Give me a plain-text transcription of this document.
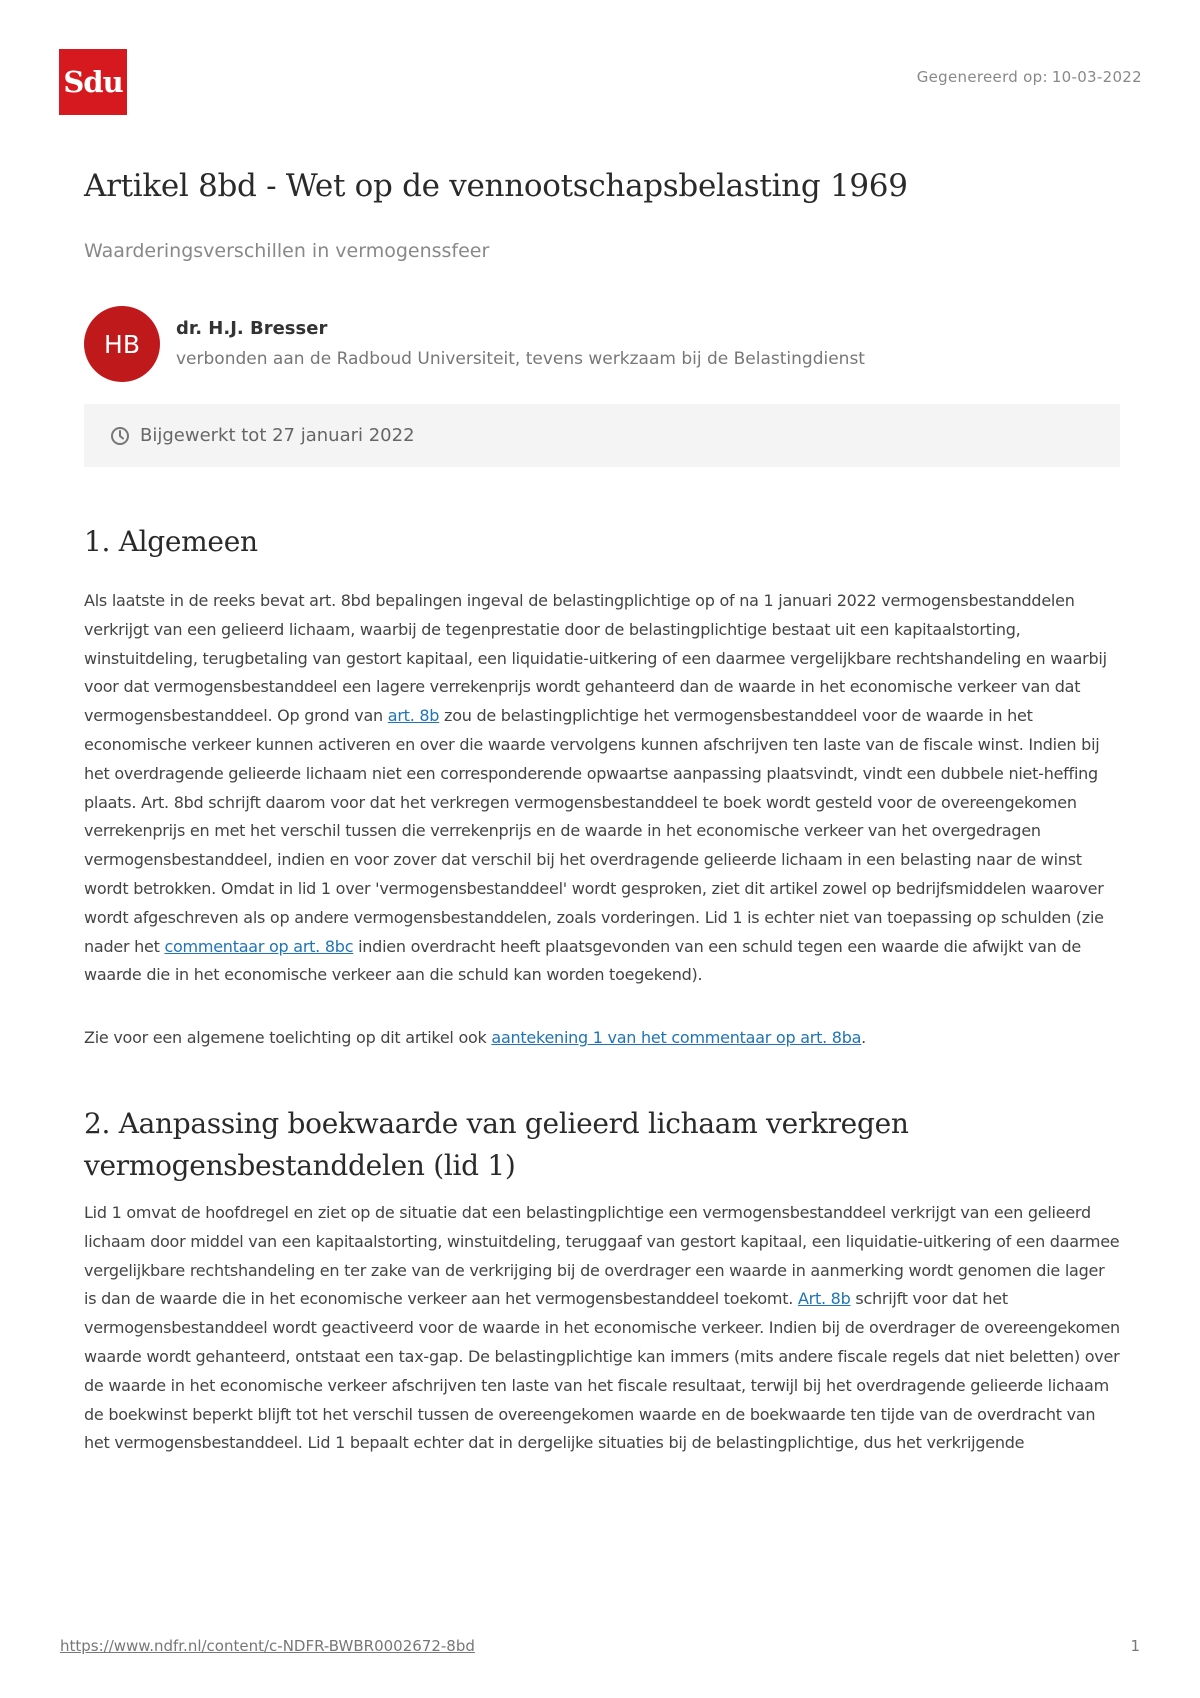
Sdu	Gegenereerd op: 10-03-2022
Artikel 8bd - Wet op de vennootschapsbelasting 1969
Waarderingsverschillen in vermogenssfeer
HB
dr. H.J. Bresser
verbonden aan de Radboud Universiteit, tevens werkzaam bij de Belastingdienst
Bijgewerkt tot 27 januari 2022
1. Algemeen

Als laatste in de reeks bevat art. 8bd bepalingen ingeval de belastingplichtige op of na 1 januari 2022 vermogensbestanddelen verkrijgt van een gelieerd lichaam, waarbij de tegenprestatie door de belastingplichtige bestaat uit een kapitaalstorting, winstuitdeling, terugbetaling van gestort kapitaal, een liquidatie-uitkering of een daarmee vergelijkbare rechtshandeling en waarbij voor dat vermogensbestanddeel een lagere verrekenprijs wordt gehanteerd dan de waarde in het economische verkeer van dat vermogensbestanddeel. Op grond van art. 8b zou de belastingplichtige het vermogensbestanddeel voor de waarde in het economische verkeer kunnen activeren en over die waarde vervolgens kunnen afschrijven ten laste van de fiscale winst. Indien bij het overdragende gelieerde lichaam niet een corresponderende opwaartse aanpassing plaatsvindt, vindt een dubbele niet-heffing plaats. Art. 8bd schrijft daarom voor dat het verkregen vermogensbestanddeel te boek wordt gesteld voor de overeengekomen verrekenprijs en met het verschil tussen die verrekenprijs en de waarde in het economische verkeer van het overgedragen vermogensbestanddeel, indien en voor zover dat verschil bij het overdragende gelieerde lichaam in een belasting naar de winst wordt betrokken. Omdat in lid 1 over 'vermogensbestanddeel' wordt gesproken, ziet dit artikel zowel op bedrijfsmiddelen waarover wordt afgeschreven als op andere vermogensbestanddelen, zoals vorderingen. Lid 1 is echter niet van toepassing op schulden (zie nader het commentaar op art. 8bc indien overdracht heeft plaatsgevonden van een schuld tegen een waarde die afwijkt van de waarde die in het economische verkeer aan die schuld kan worden toegekend).

Zie voor een algemene toelichting op dit artikel ook aantekening 1 van het commentaar op art. 8ba.

2. Aanpassing boekwaarde van gelieerd lichaam verkregen vermogensbestanddelen (lid 1)

Lid 1 omvat de hoofdregel en ziet op de situatie dat een belastingplichtige een vermogensbestanddeel verkrijgt van een gelieerd lichaam door middel van een kapitaalstorting, winstuitdeling, teruggaaf van gestort kapitaal, een liquidatie-uitkering of een daarmee vergelijkbare rechtshandeling en ter zake van de verkrijging bij de overdrager een waarde in aanmerking wordt genomen die lager is dan de waarde die in het economische verkeer aan het vermogensbestanddeel toekomt. Art. 8b schrijft voor dat het vermogensbestanddeel wordt geactiveerd voor de waarde in het economische verkeer. Indien bij de overdrager de overeengekomen waarde wordt gehanteerd, ontstaat een tax-gap. De belastingplichtige kan immers (mits andere fiscale regels dat niet beletten) over de waarde in het economische verkeer afschrijven ten laste van het fiscale resultaat, terwijl bij het overdragende gelieerde lichaam de boekwinst beperkt blijft tot het verschil tussen de overeengekomen waarde en de boekwaarde ten tijde van de overdracht van het vermogensbestanddeel. Lid 1 bepaalt echter dat in dergelijke situaties bij de belastingplichtige, dus het verkrijgende

https://www.ndfr.nl/content/c-NDFR-BWBR0002672-8bd	1
